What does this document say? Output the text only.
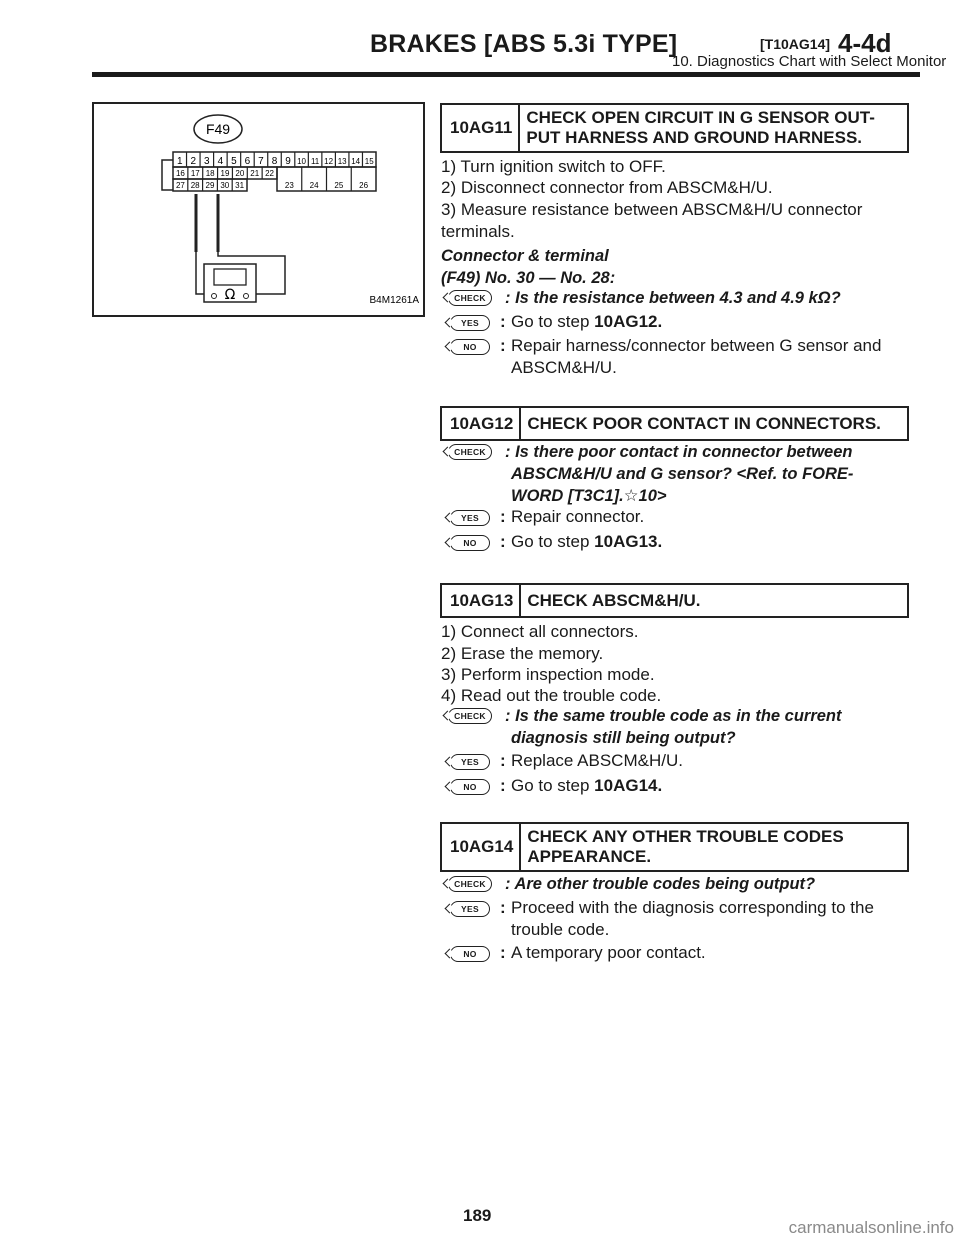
BRAKES [ABS 5.3i TYPE]	[T10AG14] 4-4d
10. Diagnostics Chart with Select Monitor
F49
1 2 3 4 5 6 7 8 9 10 11 12 13 14 15
16 17 18 19 20 21 22
23 24 25 26
27 28 29 30 31
Ω	B4M1261A
10AG11
CHECK OPEN CIRCUIT IN G SENSOR OUT-
PUT HARNESS AND GROUND HARNESS.
1) Turn ignition switch to OFF.
2) Disconnect connector from ABSCM&H/U.
3) Measure resistance between ABSCM&H/U connector
terminals.
Connector & terminal
(F49) No. 30 — No. 28:
CHECK	: Is the resistance between 4.3 and 4.9 kΩ?
YES	: Go to step 10AG12.
NO	: Repair harness/connector between G sensor and
ABSCM&H/U.
10AG12 CHECK POOR CONTACT IN CONNECTORS.
CHECK	: Is there poor contact in connector between
ABSCM&H/U and G sensor? <Ref. to FORE-
WORD [T3C1].☆10>
YES	: Repair connector.
NO	: Go to step 10AG13.
10AG13 CHECK ABSCM&H/U.
1) Connect all connectors.
2) Erase the memory.
3) Perform inspection mode.
4) Read out the trouble code.
CHECK	: Is the same trouble code as in the current
diagnosis still being output?
YES	: Replace ABSCM&H/U.
NO	: Go to step 10AG14.
10AG14
CHECK ANY OTHER TROUBLE CODES
APPEARANCE.
CHECK	: Are other trouble codes being output?
YES	: Proceed with the diagnosis corresponding to the
trouble code.
NO	: A temporary poor contact.
189
carmanualsonline.info
